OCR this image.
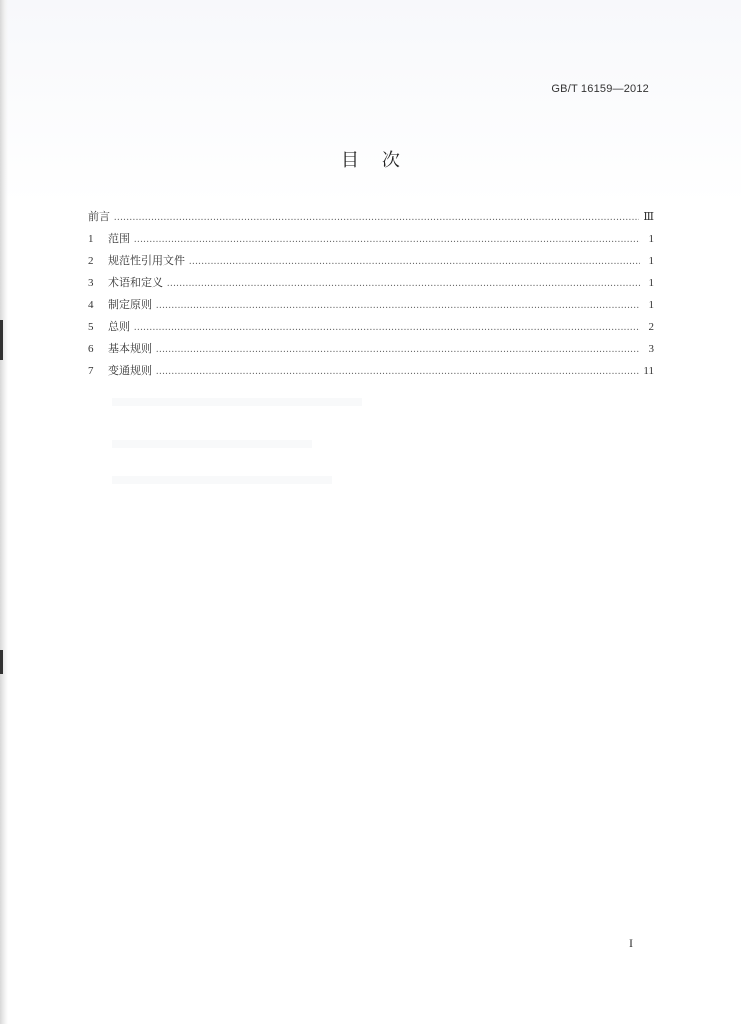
GB/T 16159—2012
目    次
前言 .....	Ⅲ
1	范围 .....	1
2	规范性引用文件 .....	1
3	术语和定义 .....	1
4	制定原则 .....	1
5	总则 .....	2
6	基本规则 .....	3
7	变通规则 .....	11
I
